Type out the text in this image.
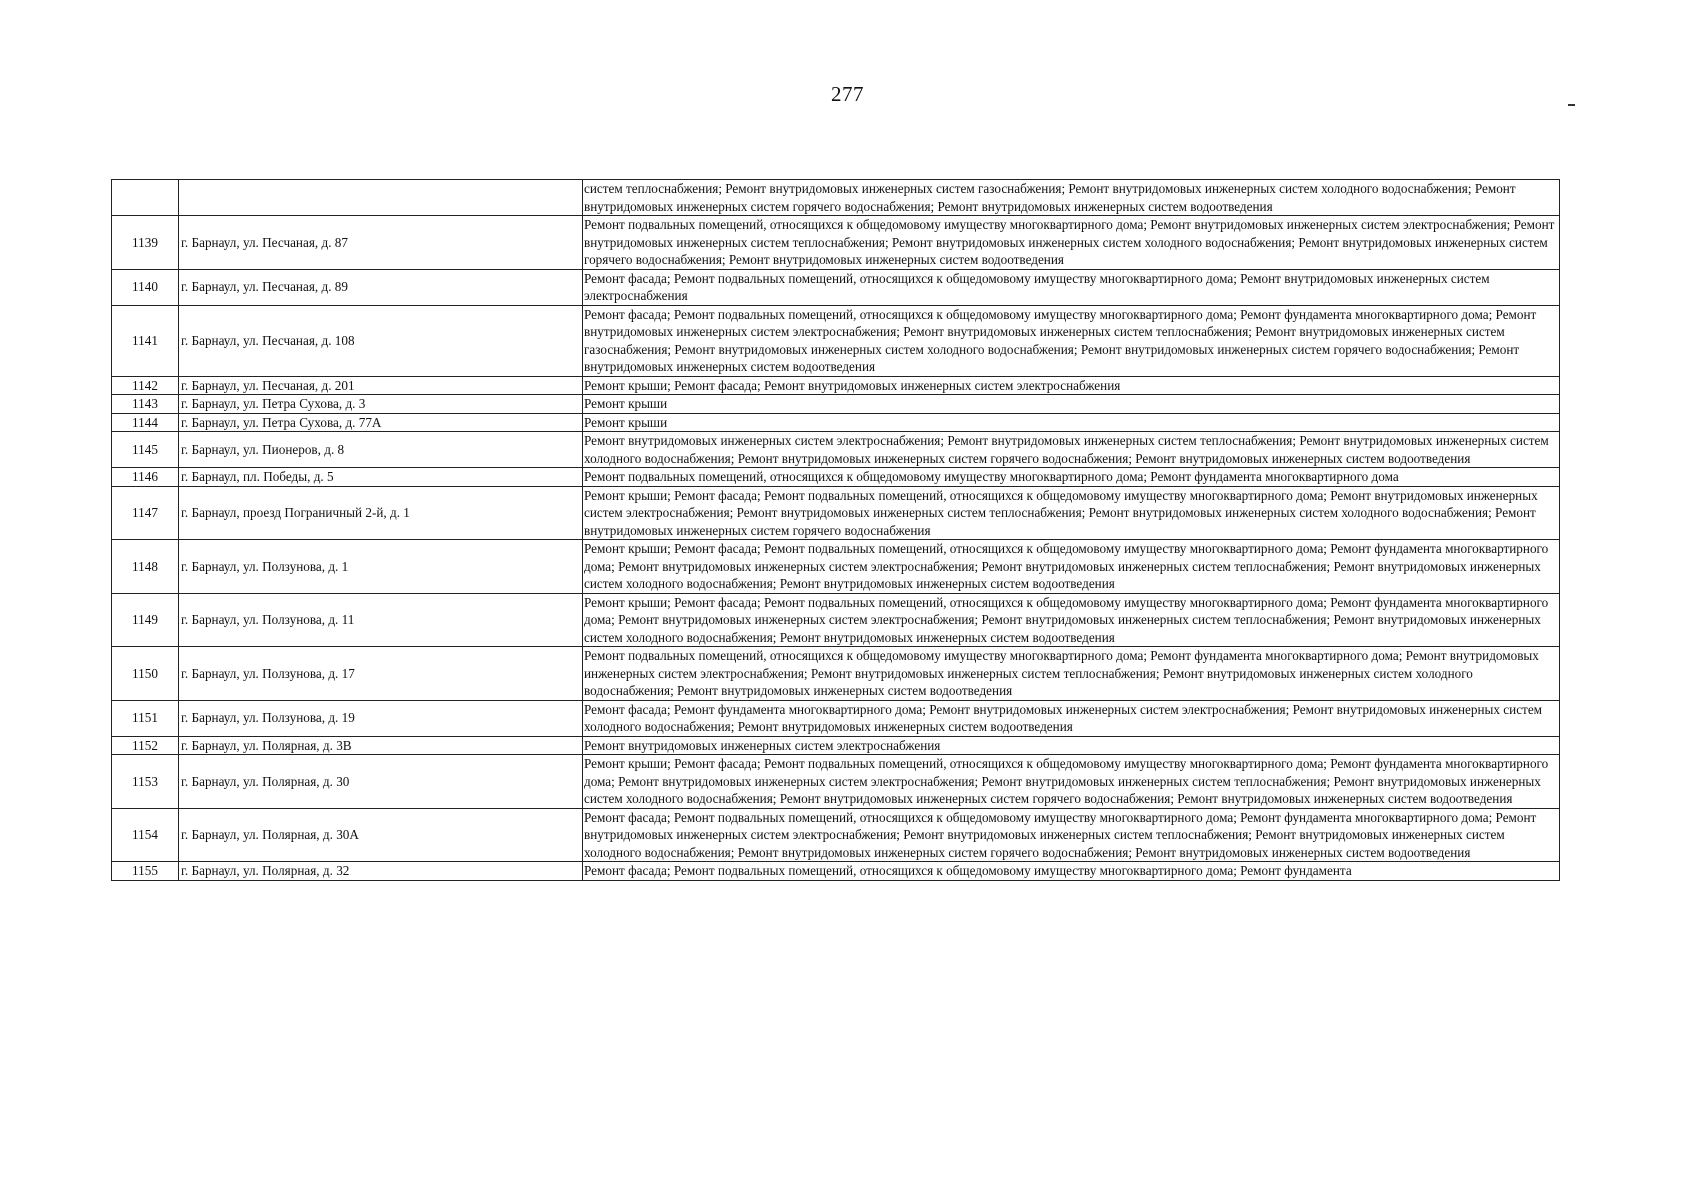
277
		систем теплоснабжения; Ремонт внутридомовых инженерных систем газоснабжения; Ремонт внутридомовых инженерных систем холодного водоснабжения; Ремонт внутридомовых инженерных систем горячего водоснабжения; Ремонт внутридомовых инженерных систем водоотведения
1139	г. Барнаул, ул. Песчаная, д. 87	Ремонт подвальных помещений, относящихся к общедомовому имуществу многоквартирного дома; Ремонт внутридомовых инженерных систем электроснабжения; Ремонт внутридомовых инженерных систем теплоснабжения; Ремонт внутридомовых инженерных систем холодного водоснабжения; Ремонт внутридомовых инженерных систем горячего водоснабжения; Ремонт внутридомовых инженерных систем водоотведения
1140	г. Барнаул, ул. Песчаная, д. 89	Ремонт фасада; Ремонт подвальных помещений, относящихся к общедомовому имуществу многоквартирного дома; Ремонт внутридомовых инженерных систем электроснабжения
1141	г. Барнаул, ул. Песчаная, д. 108	Ремонт фасада; Ремонт подвальных помещений, относящихся к общедомовому имуществу многоквартирного дома; Ремонт фундамента многоквартирного дома; Ремонт внутридомовых инженерных систем электроснабжения; Ремонт внутридомовых инженерных систем теплоснабжения; Ремонт внутридомовых инженерных систем газоснабжения; Ремонт внутридомовых инженерных систем холодного водоснабжения; Ремонт внутридомовых инженерных систем горячего водоснабжения; Ремонт внутридомовых инженерных систем водоотведения
1142	г. Барнаул, ул. Песчаная, д. 201	Ремонт крыши; Ремонт фасада; Ремонт внутридомовых инженерных систем электроснабжения
1143	г. Барнаул, ул. Петра Сухова, д. 3	Ремонт крыши
1144	г. Барнаул, ул. Петра Сухова, д. 77А	Ремонт крыши
1145	г. Барнаул, ул. Пионеров, д. 8	Ремонт внутридомовых инженерных систем электроснабжения; Ремонт внутридомовых инженерных систем теплоснабжения; Ремонт внутридомовых инженерных систем холодного водоснабжения; Ремонт внутридомовых инженерных систем горячего водоснабжения; Ремонт внутридомовых инженерных систем водоотведения
1146	г. Барнаул, пл. Победы, д. 5	Ремонт подвальных помещений, относящихся к общедомовому имуществу многоквартирного дома; Ремонт фундамента многоквартирного дома
1147	г. Барнаул, проезд Пограничный 2-й, д. 1	Ремонт крыши; Ремонт фасада; Ремонт подвальных помещений, относящихся к общедомовому имуществу многоквартирного дома; Ремонт внутридомовых инженерных систем электроснабжения; Ремонт внутридомовых инженерных систем теплоснабжения; Ремонт внутридомовых инженерных систем холодного водоснабжения; Ремонт внутридомовых инженерных систем горячего водоснабжения
1148	г. Барнаул, ул. Ползунова, д. 1	Ремонт крыши; Ремонт фасада; Ремонт подвальных помещений, относящихся к общедомовому имуществу многоквартирного дома; Ремонт фундамента многоквартирного дома; Ремонт внутридомовых инженерных систем электроснабжения; Ремонт внутридомовых инженерных систем теплоснабжения; Ремонт внутридомовых инженерных систем холодного водоснабжения; Ремонт внутридомовых инженерных систем водоотведения
1149	г. Барнаул, ул. Ползунова, д. 11	Ремонт крыши; Ремонт фасада; Ремонт подвальных помещений, относящихся к общедомовому имуществу многоквартирного дома; Ремонт фундамента многоквартирного дома; Ремонт внутридомовых инженерных систем электроснабжения; Ремонт внутридомовых инженерных систем теплоснабжения; Ремонт внутридомовых инженерных систем холодного водоснабжения; Ремонт внутридомовых инженерных систем водоотведения
1150	г. Барнаул, ул. Ползунова, д. 17	Ремонт подвальных помещений, относящихся к общедомовому имуществу многоквартирного дома; Ремонт фундамента многоквартирного дома; Ремонт внутридомовых инженерных систем электроснабжения; Ремонт внутридомовых инженерных систем теплоснабжения; Ремонт внутридомовых инженерных систем холодного водоснабжения; Ремонт внутридомовых инженерных систем водоотведения
1151	г. Барнаул, ул. Ползунова, д. 19	Ремонт фасада; Ремонт фундамента многоквартирного дома; Ремонт внутридомовых инженерных систем электроснабжения; Ремонт внутридомовых инженерных систем холодного водоснабжения; Ремонт внутридомовых инженерных систем водоотведения
1152	г. Барнаул, ул. Полярная, д. 3В	Ремонт внутридомовых инженерных систем электроснабжения
1153	г. Барнаул, ул. Полярная, д. 30	Ремонт крыши; Ремонт фасада; Ремонт подвальных помещений, относящихся к общедомовому имуществу многоквартирного дома; Ремонт фундамента многоквартирного дома; Ремонт внутридомовых инженерных систем электроснабжения; Ремонт внутридомовых инженерных систем теплоснабжения; Ремонт внутридомовых инженерных систем холодного водоснабжения; Ремонт внутридомовых инженерных систем горячего водоснабжения; Ремонт внутридомовых инженерных систем водоотведения
1154	г. Барнаул, ул. Полярная, д. 30А	Ремонт фасада; Ремонт подвальных помещений, относящихся к общедомовому имуществу многоквартирного дома; Ремонт фундамента многоквартирного дома; Ремонт внутридомовых инженерных систем электроснабжения; Ремонт внутридомовых инженерных систем теплоснабжения; Ремонт внутридомовых инженерных систем холодного водоснабжения; Ремонт внутридомовых инженерных систем горячего водоснабжения; Ремонт внутридомовых инженерных систем водоотведения
1155	г. Барнаул, ул. Полярная, д. 32	Ремонт фасада; Ремонт подвальных помещений, относящихся к общедомовому имуществу многоквартирного дома; Ремонт фундамента
